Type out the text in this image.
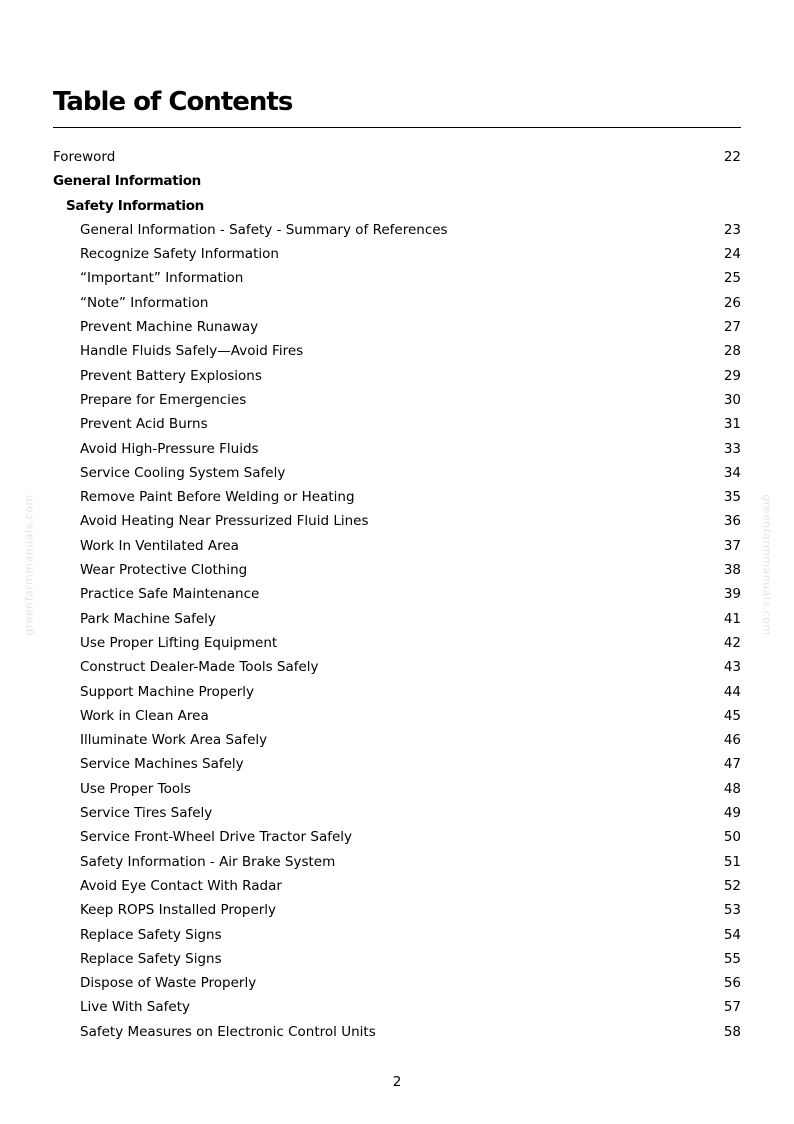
Table of Contents
Foreword	22
General Information
Safety Information
General Information - Safety - Summary of References	23
Recognize Safety Information	24
“Important” Information	25
“Note” Information	26
Prevent Machine Runaway	27
Handle Fluids Safely—Avoid Fires	28
Prevent Battery Explosions	29
Prepare for Emergencies	30
Prevent Acid Burns	31
Avoid High-Pressure Fluids	33
Service Cooling System Safely	34
Remove Paint Before Welding or Heating	35
Avoid Heating Near Pressurized Fluid Lines	36
Work In Ventilated Area	37
Wear Protective Clothing	38
Practice Safe Maintenance	39
Park Machine Safely	41
Use Proper Lifting Equipment	42
Construct Dealer-Made Tools Safely	43
Support Machine Properly	44
Work in Clean Area	45
Illuminate Work Area Safely	46
Service Machines Safely	47
Use Proper Tools	48
Service Tires Safely	49
Service Front-Wheel Drive Tractor Safely	50
Safety Information - Air Brake System	51
Avoid Eye Contact With Radar	52
Keep ROPS Installed Properly	53
Replace Safety Signs	54
Replace Safety Signs	55
Dispose of Waste Properly	56
Live With Safety	57
Safety Measures on Electronic Control Units	58
2
greenfarmmanuals.com	greenfarmmanuals.com
